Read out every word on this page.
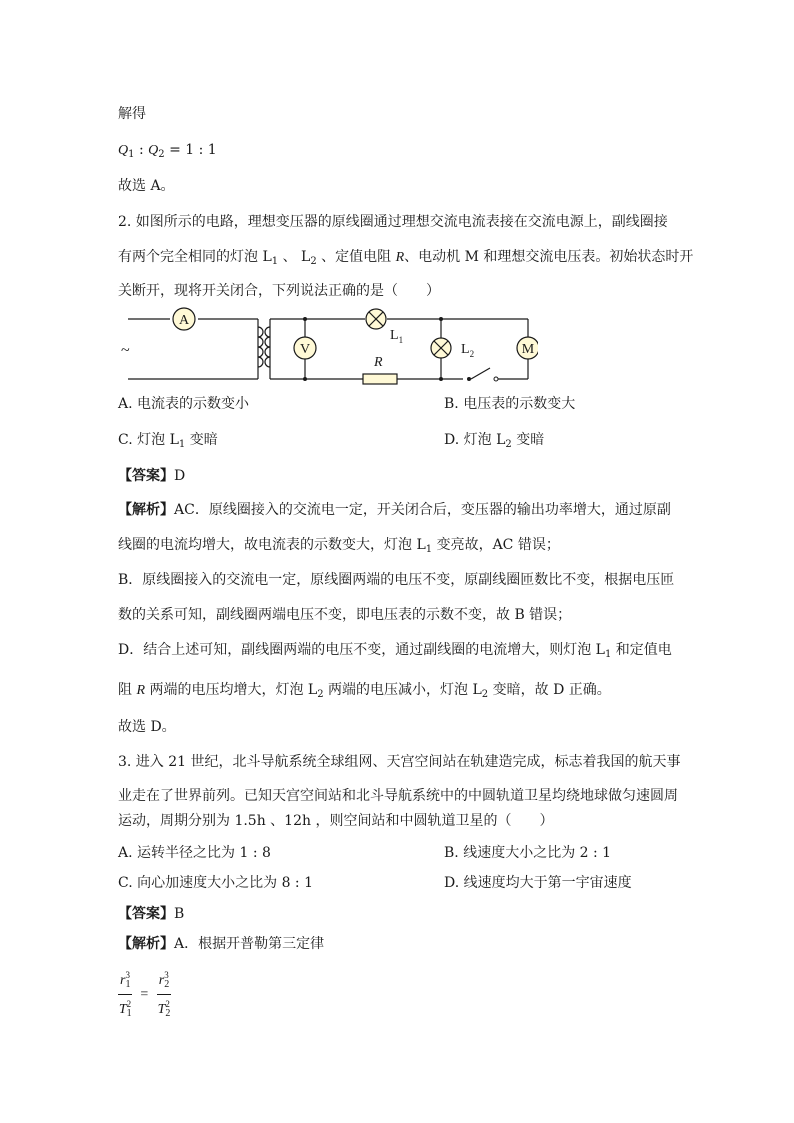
解得
$Q_1$ : $Q_2 = 1$ : 1
故选 A。
2. 如图所示的电路，理想变压器的原线圈通过理想交流电流表接在交流电源上，副线圈接
有两个完全相同的灯泡 $L_1$ 、 $L_2$ 、定值电阻 R、电动机 M 和理想交流电压表。初始状态时开
关断开，现将开关闭合，下列说法正确的是（　　）
A
~	V
$L_1$
$L_2$
R
M
A. 电流表的示数变小	B. 电压表的示数变大
C. 灯泡 $L_1$ 变暗	D. 灯泡 $L_2$ 变暗
【答案】D
【解析】AC．原线圈接入的交流电一定，开关闭合后，变压器的输出功率增大，通过原副
线圈的电流均增大，故电流表的示数变大，灯泡 $L_1$ 变亮故，AC 错误；
B．原线圈接入的交流电一定，原线圈两端的电压不变，原副线圈匝数比不变，根据电压匝
数的关系可知，副线圈两端电压不变，即电压表的示数不变，故 B 错误；
D．结合上述可知，副线圈两端的电压不变，通过副线圈的电流增大，则灯泡 $L_1$ 和定值电
阻 R 两端的电压均增大，灯泡 $L_2$ 两端的电压减小，灯泡 $L_2$ 变暗，故 D 正确。
故选 D。
3. 进入 21 世纪，北斗导航系统全球组网、天宫空间站在轨建造完成，标志着我国的航天事
业走在了世界前列。已知天宫空间站和北斗导航系统中的中圆轨道卫星均绕地球做匀速圆周
运动，周期分别为 1.5h 、12h ，则空间站和中圆轨道卫星的（　　）
A. 运转半径之比为 1 : 8	B. 线速度大小之比为 2 : 1
C. 向心加速度大小之比为 8 : 1	D. 线速度均大于第一宇宙速度
【答案】B
【解析】A．根据开普勒第三定律
$\frac{r_1^3}{T_1^2} = \frac{r_2^3}{T_2^2}$
